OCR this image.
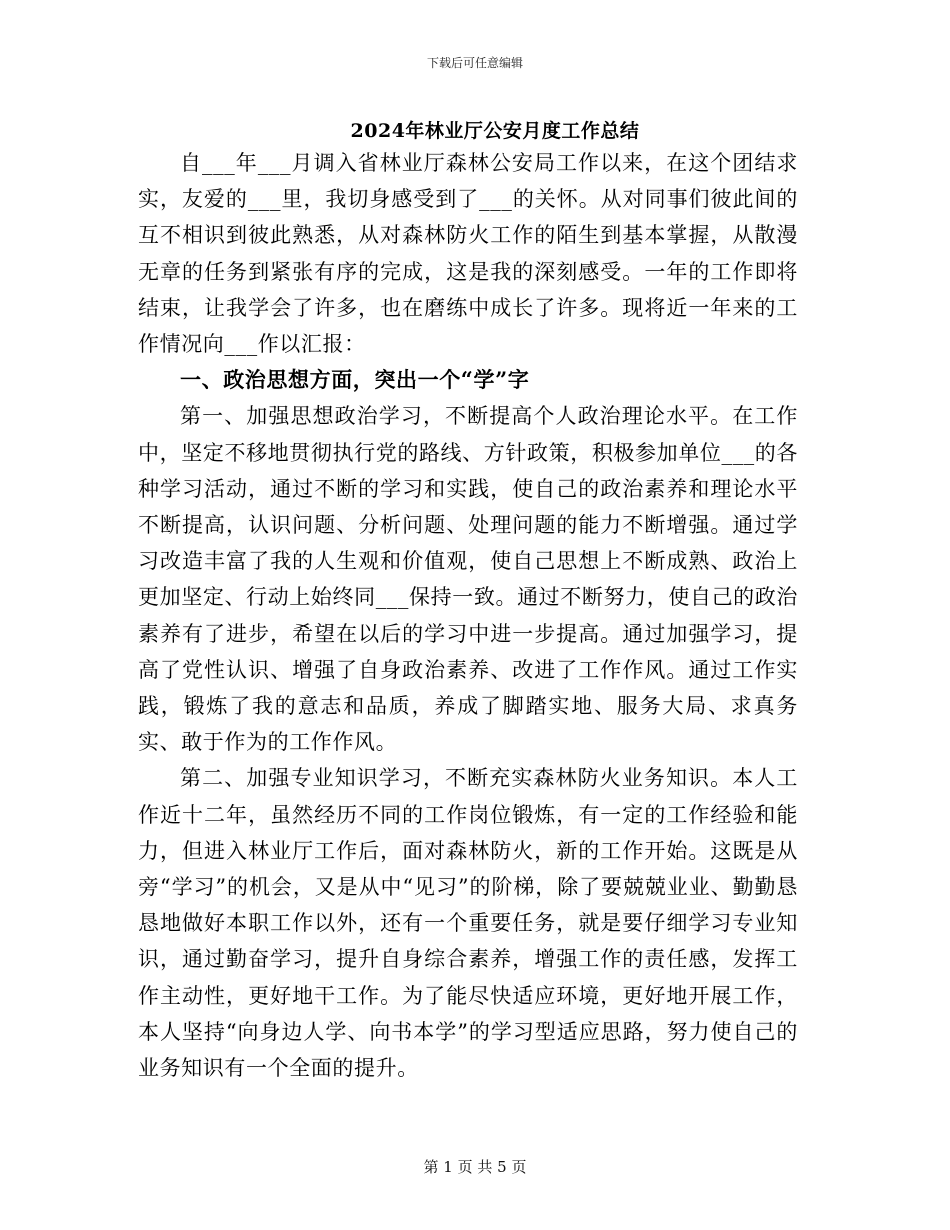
下载后可任意编辑
2024年林业厅公安月度工作总结

自___年___月调入省林业厅森林公安局工作以来，在这个团结求实，友爱的___里，我切身感受到了___的关怀。从对同事们彼此间的互不相识到彼此熟悉，从对森林防火工作的陌生到基本掌握，从散漫无章的任务到紧张有序的完成，这是我的深刻感受。一年的工作即将结束，让我学会了许多，也在磨练中成长了许多。现将近一年来的工作情况向___作以汇报：

一、政治思想方面，突出一个“学”字

第一、加强思想政治学习，不断提高个人政治理论水平。在工作中，坚定不移地贯彻执行党的路线、方针政策，积极参加单位___的各种学习活动，通过不断的学习和实践，使自己的政治素养和理论水平不断提高，认识问题、分析问题、处理问题的能力不断增强。通过学习改造丰富了我的人生观和价值观，使自己思想上不断成熟、政治上更加坚定、行动上始终同___保持一致。通过不断努力，使自己的政治素养有了进步，希望在以后的学习中进一步提高。通过加强学习，提高了党性认识、增强了自身政治素养、改进了工作作风。通过工作实践，锻炼了我的意志和品质，养成了脚踏实地、服务大局、求真务实、敢于作为的工作作风。

第二、加强专业知识学习，不断充实森林防火业务知识。本人工作近十二年，虽然经历不同的工作岗位锻炼，有一定的工作经验和能力，但进入林业厅工作后，面对森林防火，新的工作开始。这既是从旁“学习”的机会，又是从中“见习”的阶梯，除了要兢兢业业、勤勤恳恳地做好本职工作以外，还有一个重要任务，就是要仔细学习专业知识，通过勤奋学习，提升自身综合素养，增强工作的责任感，发挥工作主动性，更好地干工作。为了能尽快适应环境，更好地开展工作，本人坚持“向身边人学、向书本学”的学习型适应思路，努力使自己的业务知识有一个全面的提升。

第 1 页 共 5 页
